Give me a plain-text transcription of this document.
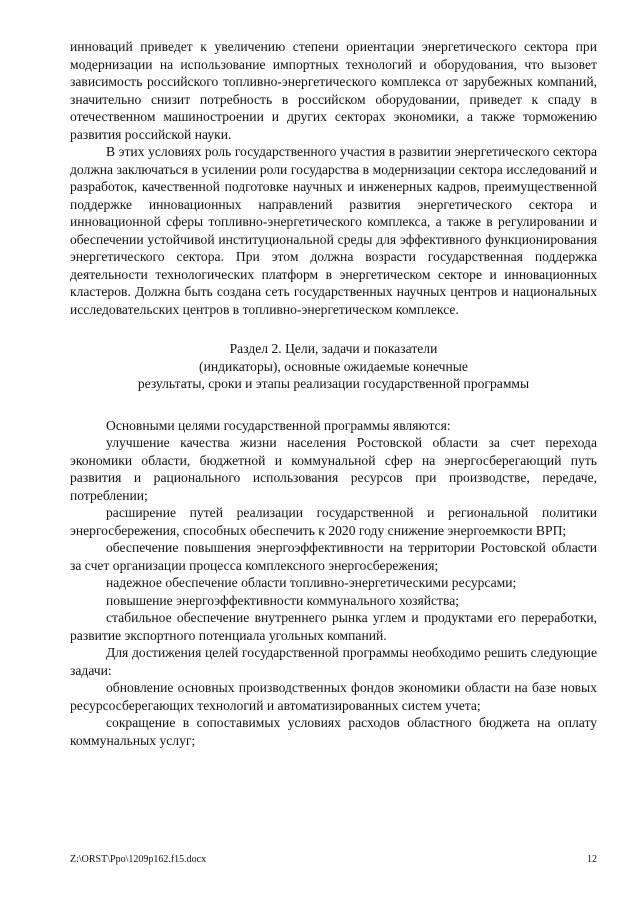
инноваций приведет к увеличению степени ориентации энергетического сектора при модернизации на использование импортных технологий и оборудования, что вызовет зависимость российского топливно-энергетического комплекса от зарубежных компаний, значительно снизит потребность в российском оборудовании, приведет к спаду в отечественном машиностроении и других секторах экономики, а также торможению развития российской науки.

В этих условиях роль государственного участия в развитии энергетического сектора должна заключаться в усилении роли государства в модернизации сектора исследований и разработок, качественной подготовке научных и инженерных кадров, преимущественной поддержке инновационных направлений развития энергетического сектора и инновационной сферы топливно-энергетического комплекса, а также в регулировании и обеспечении устойчивой институциональной среды для эффективного функционирования энергетического сектора. При этом должна возрасти государственная поддержка деятельности технологических платформ в энергетическом секторе и инновационных кластеров. Должна быть создана сеть государственных научных центров и национальных исследовательских центров в топливно-энергетическом комплексе.

Раздел 2. Цели, задачи и показатели
(индикаторы), основные ожидаемые конечные
результаты, сроки и этапы реализации государственной программы

Основными целями государственной программы являются:

улучшение качества жизни населения Ростовской области за счет перехода экономики области, бюджетной и коммунальной сфер на энергосберегающий путь развития и рационального использования ресурсов при производстве, передаче, потреблении;

расширение путей реализации государственной и региональной политики энергосбережения, способных обеспечить к 2020 году снижение энергоемкости ВРП;

обеспечение повышения энергоэффективности на территории Ростовской области за счет организации процесса комплексного энергосбережения;

надежное обеспечение области топливно-энергетическими ресурсами;

повышение энергоэффективности коммунального хозяйства;

стабильное обеспечение внутреннего рынка углем и продуктами его переработки, развитие экспортного потенциала угольных компаний.

Для достижения целей государственной программы необходимо решить следующие задачи:

обновление основных производственных фондов экономики области на базе новых ресурсосберегающих технологий и автоматизированных систем учета;

сокращение в сопоставимых условиях расходов областного бюджета на оплату коммунальных услуг;

Z:\ORST\Ppo\1209p162.f15.docx	12
